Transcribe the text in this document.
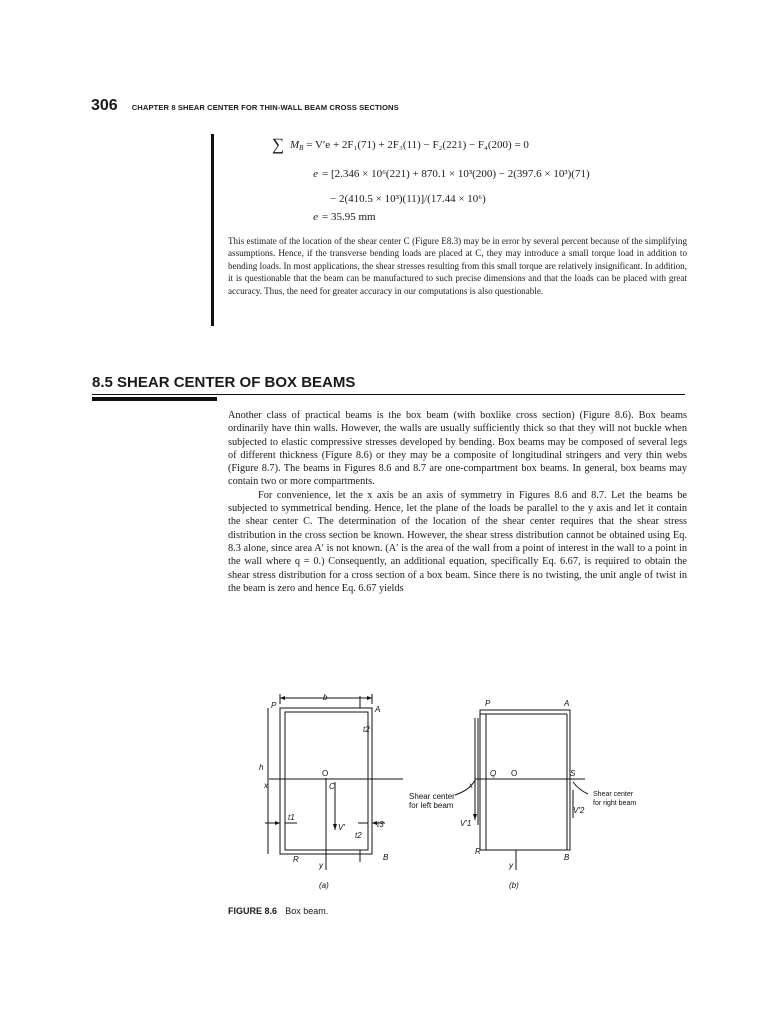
306 CHAPTER 8 SHEAR CENTER FOR THIN-WALL BEAM CROSS SECTIONS
∑ $M_B = V'e + 2F_1(71) + 2F_3(11) - F_2(221) - F_4(200) = 0$
e = [2.346 × 10⁶(221) + 870.1 × 10³(200) − 2(397.6 × 10³)(71)
− 2(410.5 × 10³)(11)]/(17.44 × 10⁶)
e = 35.95 mm
This estimate of the location of the shear center C (Figure E8.3) may be in error by several percent because of the simplifying assumptions. Hence, if the transverse bending loads are placed at C, they may introduce a small torque load in addition to bending loads. In most applications, the shear stresses resulting from this small torque are relatively insignificant. In addition, it is questionable that the beam can be manufactured to such precise dimensions and that the loads can be placed with great accuracy. Thus, the need for greater accuracy in our computations is also questionable.
8.5 SHEAR CENTER OF BOX BEAMS

Another class of practical beams is the box beam (with boxlike cross section) (Figure 8.6). Box beams ordinarily have thin walls. However, the walls are usually sufficiently thick so that they will not buckle when subjected to elastic compressive stresses developed by bending. Box beams may be composed of several legs of different thickness (Figure 8.6) or they may be a composite of longitudinal stringers and very thin webs (Figure 8.7). The beams in Figures 8.6 and 8.7 are one-compartment box beams. In general, box beams may contain two or more compartments.

For convenience, let the x axis be an axis of symmetry in Figures 8.6 and 8.7. Let the beams be subjected to symmetrical bending. Hence, let the plane of the loads be parallel to the y axis and let it contain the shear center C. The determination of the location of the shear center requires that the shear stress distribution in the cross section be known. However, the shear stress distribution cannot be obtained using Eq. 8.3 alone, since area A′ is not known. (A′ is the area of the wall from a point of interest in the wall to a point in the wall where q = 0.) Consequently, an additional equation, specifically Eq. 6.67, is required to obtain the shear stress distribution for a cross section of a box beam. Since there is no twisting, the unit angle of twist in the beam is zero and hence Eq. 6.67 yields

b
P	A
t2
h
x
O
C
t1
V′	t3
t2
R
y
B
(a)
P	A
x
Q O	S
Shear center
for left beam
Shear center
for right beam
V′1
V′2
R
y
B
(b)
FIGURE 8.6 Box beam.
